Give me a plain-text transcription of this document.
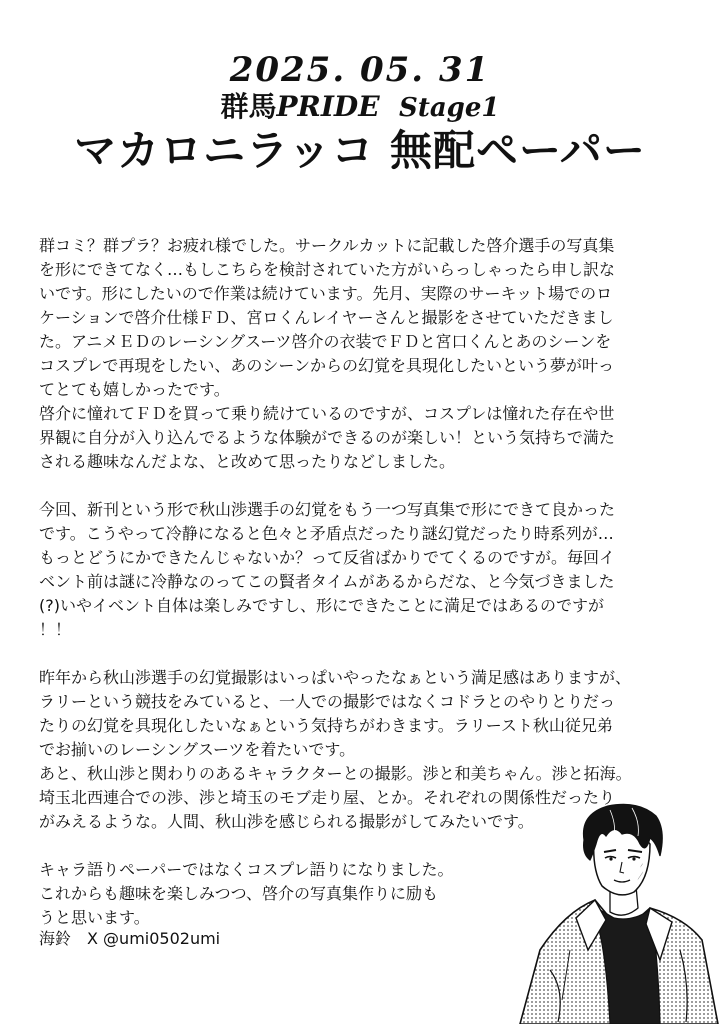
2025. 05. 31
群馬PRIDE Stage1
マカロニラッコ 無配ペーパー
群コミ？群プラ？お疲れ様でした。サークルカットに記載した啓介選手の写真集
を形にできてなく…もしこちらを検討されていた方がいらっしゃったら申し訳な
いです。形にしたいので作業は続けています。先月、実際のサーキット場でのロ
ケーションで啓介仕様ＦＤ、宮ロくんレイヤーさんと撮影をさせていただきまし
た。アニメＥＤのレーシングスーツ啓介の衣装でＦＤと宮口くんとあのシーンを
コスプレで再現をしたい、あのシーンからの幻覚を具現化したいという夢が叶っ
てとても嬉しかったです。
啓介に憧れてＦＤを買って乗り続けているのですが、コスプレは憧れた存在や世
界観に自分が入り込んでるような体験ができるのが楽しい！という気持ちで満た
される趣味なんだよな、と改めて思ったりなどしました。
今回、新刊という形で秋山渉選手の幻覚をもう一つ写真集で形にできて良かった
です。こうやって冷静になると色々と矛盾点だったり謎幻覚だったり時系列が…
もっとどうにかできたんじゃないか？って反省ばかりでてくるのですが。毎回イ
ベント前は謎に冷静なのってこの賢者タイムがあるからだな、と今気づきました
(?)いやイベント自体は楽しみですし、形にできたことに満足ではあるのですが
！！
昨年から秋山渉選手の幻覚撮影はいっぱいやったなぁという満足感はありますが、
ラリーという競技をみていると、一人での撮影ではなくコドラとのやりとりだっ
たりの幻覚を具現化したいなぁという気持ちがわきます。ラリースト秋山従兄弟
でお揃いのレーシングスーツを着たいです。
あと、秋山渉と関わりのあるキャラクターとの撮影。渉と和美ちゃん。渉と拓海。
埼玉北西連合での渉、渉と埼玉のモブ走り屋、とか。それぞれの関係性だったり
がみえるような。人間、秋山渉を感じられる撮影がしてみたいです。
キャラ語りペーパーではなくコスプレ語りになりました。
これからも趣味を楽しみつつ、啓介の写真集作りに励も
うと思います。
海鈴　X @umi0502umi
